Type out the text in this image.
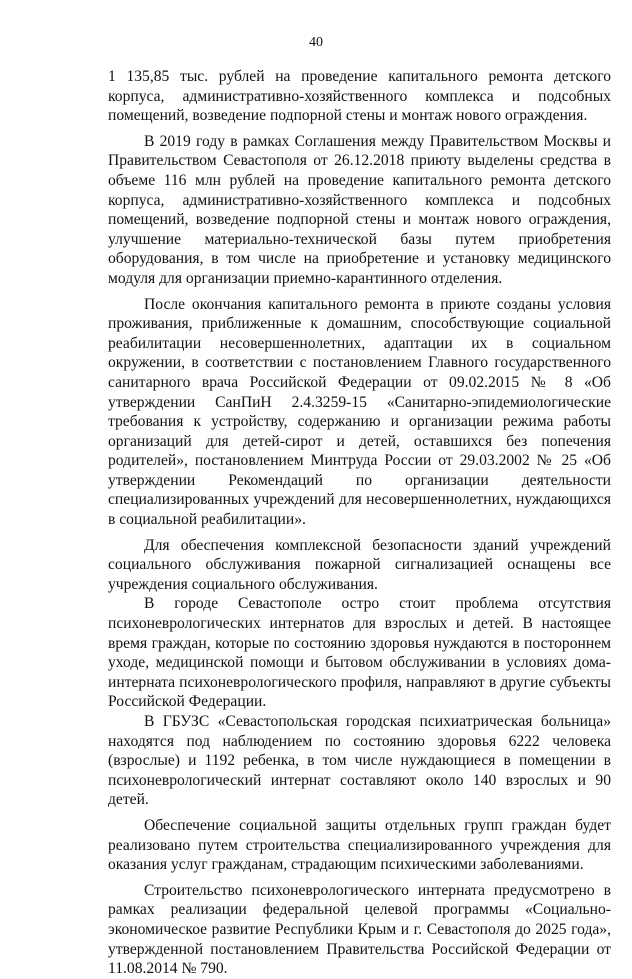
40

1 135,85 тыс. рублей на проведение капитального ремонта детского корпуса, административно-хозяйственного комплекса и подсобных помещений, возведение подпорной стены и монтаж нового ограждения.

В 2019 году в рамках Соглашения между Правительством Москвы и Правительством Севастополя от 26.12.2018 приюту выделены средства в объеме 116 млн рублей на проведение капитального ремонта детского корпуса, административно-хозяйственного комплекса и подсобных помещений, возведение подпорной стены и монтаж нового ограждения, улучшение материально-технической базы путем приобретения оборудования, в том числе на приобретение и установку медицинского модуля для организации приемно-карантинного отделения.

После окончания капитального ремонта в приюте созданы условия проживания, приближенные к домашним, способствующие социальной реабилитации несовершеннолетних, адаптации их в социальном окружении, в соответствии с постановлением Главного государственного санитарного врача Российской Федерации от 09.02.2015 № 8 «Об утверждении СанПиН 2.4.3259-15 «Санитарно-эпидемиологические требования к устройству, содержанию и организации режима работы организаций для детей-сирот и детей, оставшихся без попечения родителей», постановлением Минтруда России от 29.03.2002 № 25 «Об утверждении Рекомендаций по организации деятельности специализированных учреждений для несовершеннолетних, нуждающихся в социальной реабилитации».

Для обеспечения комплексной безопасности зданий учреждений социального обслуживания пожарной сигнализацией оснащены все учреждения социального обслуживания.

В городе Севастополе остро стоит проблема отсутствия психоневрологических интернатов для взрослых и детей. В настоящее время граждан, которые по состоянию здоровья нуждаются в постороннем уходе, медицинской помощи и бытовом обслуживании в условиях дома-интерната психоневрологического профиля, направляют в другие субъекты Российской Федерации.

В ГБУЗС «Севастопольская городская психиатрическая больница» находятся под наблюдением по состоянию здоровья 6222 человека (взрослые) и 1192 ребенка, в том числе нуждающиеся в помещении в психоневрологический интернат составляют около 140 взрослых и 90 детей.

Обеспечение социальной защиты отдельных групп граждан будет реализовано путем строительства специализированного учреждения для оказания услуг гражданам, страдающим психическими заболеваниями.

Строительство психоневрологического интерната предусмотрено в рамках реализации федеральной целевой программы «Социально-экономическое развитие Республики Крым и г. Севастополя до 2025 года», утвержденной постановлением Правительства Российской Федерации от 11.08.2014 № 790.
